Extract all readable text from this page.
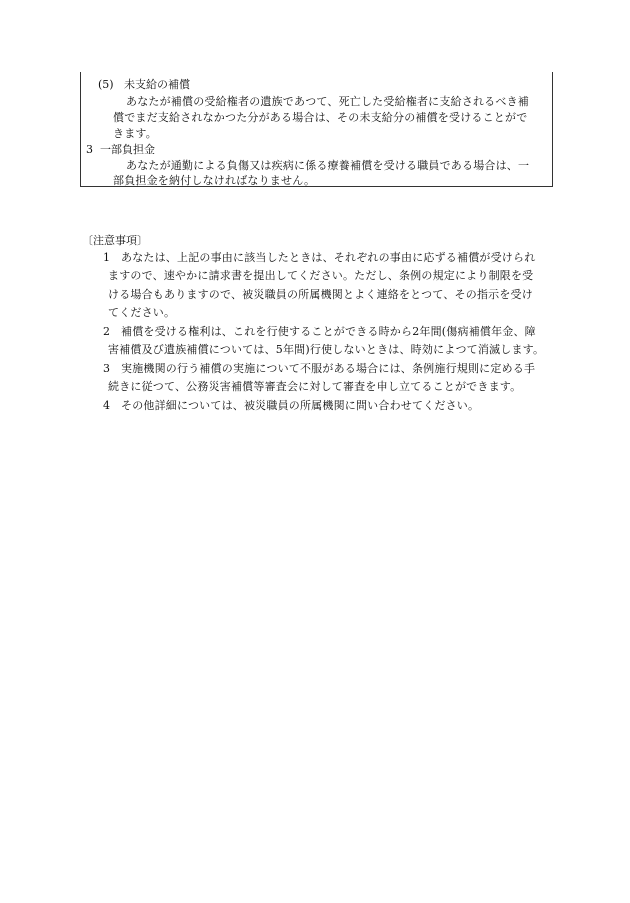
(5) 未支給の補償
あなたが補償の受給権者の遺族であつて、死亡した受給権者に支給されるべき補
償でまだ支給されなかつた分がある場合は、その未支給分の補償を受けることがで
きます。
3 一部負担金
あなたが通勤による負傷又は疾病に係る療養補償を受ける職員である場合は、一
部負担金を納付しなければなりません。
〔注意事項〕
1 あなたは、上記の事由に該当したときは、それぞれの事由に応ずる補償が受けられ
ますので、速やかに請求書を提出してください。ただし、条例の規定により制限を受
ける場合もありますので、被災職員の所属機関とよく連絡をとつて、その指示を受け
てください。
2 補償を受ける権利は、これを行使することができる時から2年間(傷病補償年金、障
害補償及び遺族補償については、5年間)行使しないときは、時効によつて消滅します。
3 実施機関の行う補償の実施について不服がある場合には、条例施行規則に定める手
続きに従つて、公務災害補償等審査会に対して審査を申し立てることができます。
4 その他詳細については、被災職員の所属機関に問い合わせてください。
